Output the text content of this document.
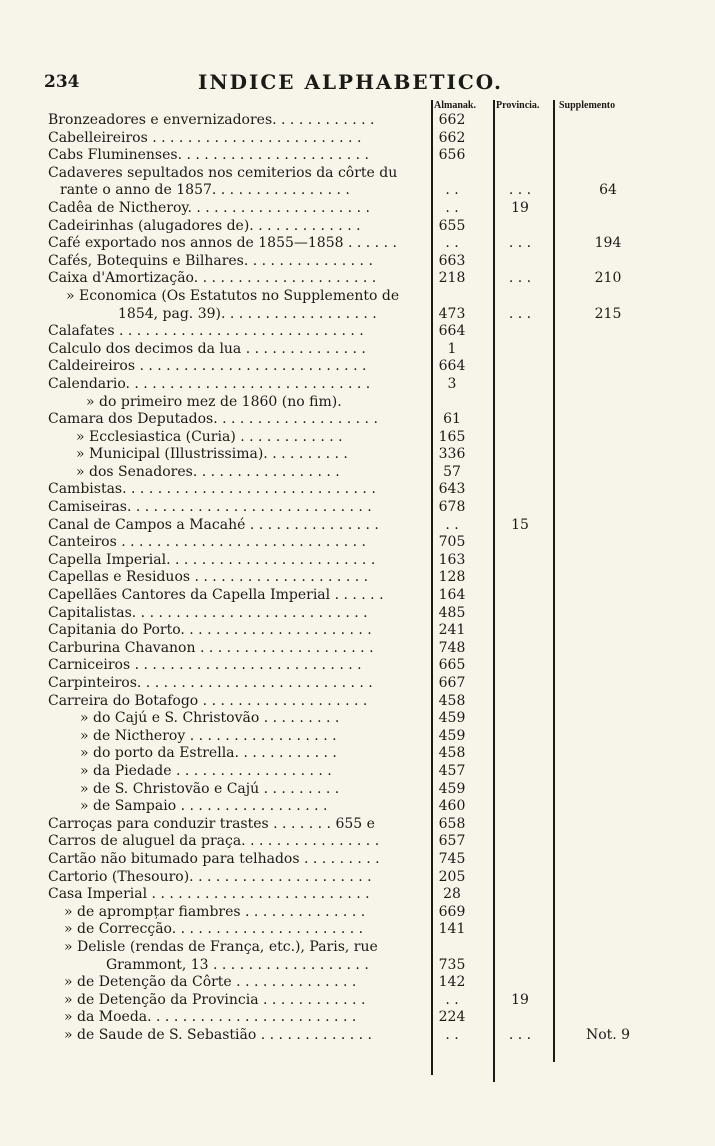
234	INDICE ALPHABETICO.
Almanak. Provincia. Supplemento
Bronzeadores e envernizadores. . . . . . . . . . . .	662
Cabelleireiros . . . . . . . . . . . . . . . . . . . . . . . .	662
Cabs Fluminenses. . . . . . . . . . . . . . . . . . . . . .	656
Cadaveres sepultados nos cemiterios da côrte du
rante o anno de 1857. . . . . . . . . . . . . . . .	. .	. . .	64
Cadêa de Nictheroy. . . . . . . . . . . . . . . . . . . . .	. .	19
Cadeirinhas (alugadores de). . . . . . . . . . . . .	655
Café exportado nos annos de 1855—1858 . . . . . .	. .	. . .	194
Cafés, Botequins e Bilhares. . . . . . . . . . . . . . .	663
Caixa d'Amortização. . . . . . . . . . . . . . . . . . . . .	218	. . .	210
» Economica (Os Estatutos no Supplemento de
1854, pag. 39). . . . . . . . . . . . . . . . . .	473	. . .	215
Calafates . . . . . . . . . . . . . . . . . . . . . . . . . . . .	664
Calculo dos decimos da lua . . . . . . . . . . . . . .	1
Caldeireiros . . . . . . . . . . . . . . . . . . . . . . . . . .	664
Calendario. . . . . . . . . . . . . . . . . . . . . . . . . . . .	3
» do primeiro mez de 1860 (no fim).
Camara dos Deputados. . . . . . . . . . . . . . . . . . .	61
» Ecclesiastica (Curia) . . . . . . . . . . . .	165
» Municipal (Illustrissima). . . . . . . . . .	336
» dos Senadores. . . . . . . . . . . . . . . . .	57
Cambistas. . . . . . . . . . . . . . . . . . . . . . . . . . . . .	643
Camiseiras. . . . . . . . . . . . . . . . . . . . . . . . . . . .	678
Canal de Campos a Macahé . . . . . . . . . . . . . . .	. .	15
Canteiros . . . . . . . . . . . . . . . . . . . . . . . . . . . .	705
Capella Imperial. . . . . . . . . . . . . . . . . . . . . . . .	163
Capellas e Residuos . . . . . . . . . . . . . . . . . . . .	128
Capellães Cantores da Capella Imperial . . . . . .	164
Capitalistas. . . . . . . . . . . . . . . . . . . . . . . . . . .	485
Capitania do Porto. . . . . . . . . . . . . . . . . . . . . .	241
Carburina Chavanon . . . . . . . . . . . . . . . . . . . .	748
Carniceiros . . . . . . . . . . . . . . . . . . . . . . . . . .	665
Carpinteiros. . . . . . . . . . . . . . . . . . . . . . . . . . .	667
Carreira do Botafogo . . . . . . . . . . . . . . . . . . .	458
» do Cajú e S. Christovão . . . . . . . . .	459
» de Nictheroy . . . . . . . . . . . . . . . . .	459
» do porto da Estrella. . . . . . . . . . . .	458
» da Piedade . . . . . . . . . . . . . . . . . .	457
» de S. Christovão e Cajú . . . . . . . . .	459
» de Sampaio . . . . . . . . . . . . . . . . .	460
Carroças para conduzir trastes . . . . . . . 655 e	658
Carros de aluguel da praça. . . . . . . . . . . . . . . .	657
Cartão não bitumado para telhados . . . . . . . . .	745
Cartorio (Thesouro). . . . . . . . . . . . . . . . . . . . .	205
Casa Imperial . . . . . . . . . . . . . . . . . . . . . . . . .	28
» de aprompțar fiambres . . . . . . . . . . . . . .	669
» de Correcção. . . . . . . . . . . . . . . . . . . . . .	141
» Delisle (rendas de França, etc.), Paris, rue
Grammont, 13 . . . . . . . . . . . . . . . . . .	735
» de Detenção da Côrte . . . . . . . . . . . . . .	142
» de Detenção da Provincia . . . . . . . . . . . .	. .	19
» da Moeda. . . . . . . . . . . . . . . . . . . . . . . .	224
» de Saude de S. Sebastião . . . . . . . . . . . . .	. .	. . .	Not. 9
